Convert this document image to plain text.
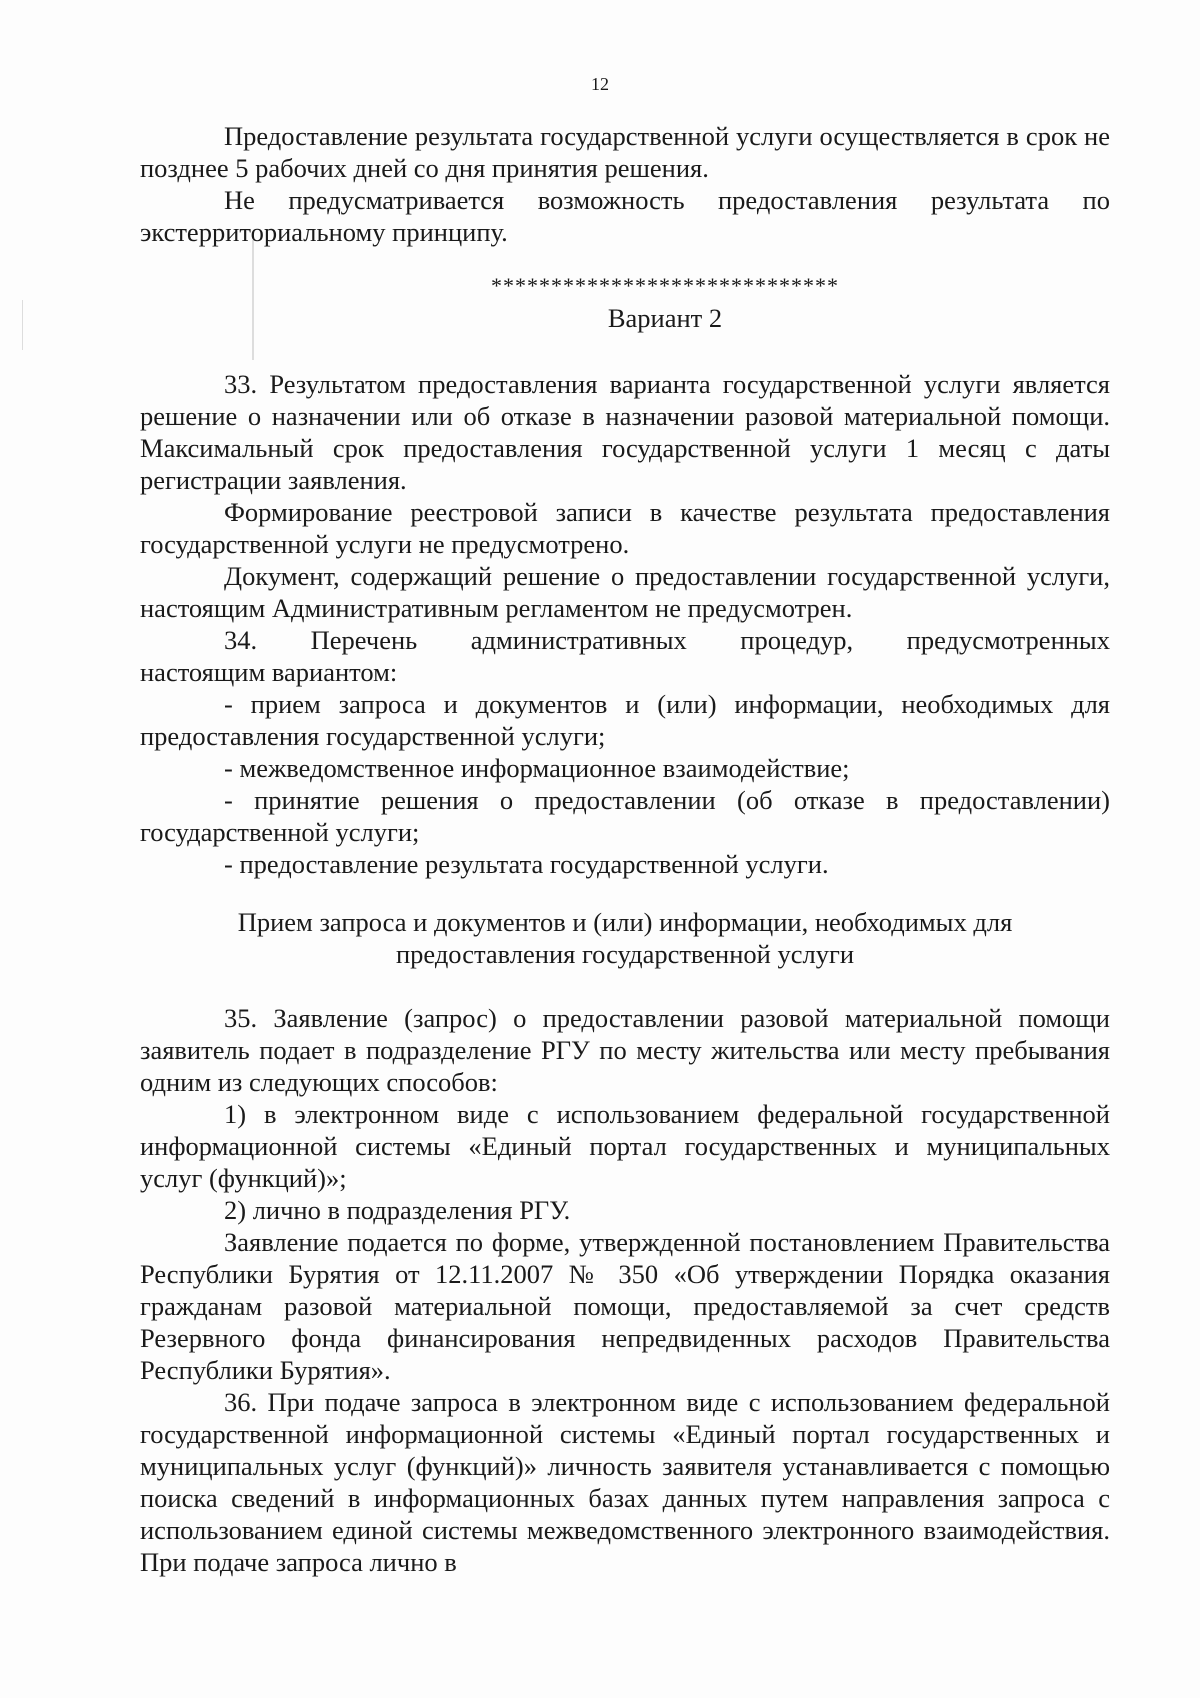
12

Предоставление результата государственной услуги осуществляется в срок не позднее 5 рабочих дней со дня принятия решения.

Не предусматривается возможность предоставления результата по экстерриториальному принципу.

*****************************
Вариант 2

33. Результатом предоставления варианта государственной услуги является решение о назначении или об отказе в назначении разовой материальной помощи. Максимальный срок предоставления государственной услуги 1 месяц с даты регистрации заявления.

Формирование реестровой записи в качестве результата предоставления государственной услуги не предусмотрено.

Документ, содержащий решение о предоставлении государственной услуги, настоящим Административным регламентом не предусмотрен.

34. Перечень административных процедур, предусмотренных

настоящим вариантом:

- прием запроса и документов и (или) информации, необходимых для предоставления государственной услуги;

- межведомственное информационное взаимодействие;

- принятие решения о предоставлении (об отказе в предоставлении) государственной услуги;

- предоставление результата государственной услуги.

Прием запроса и документов и (или) информации, необходимых для предоставления государственной услуги

35. Заявление (запрос) о предоставлении разовой материальной помощи заявитель подает в подразделение РГУ по месту жительства или месту пребывания одним из следующих способов:

1) в электронном виде с использованием федеральной государственной информационной системы «Единый портал государственных и муниципальных услуг (функций)»;

2) лично в подразделения РГУ.

Заявление подается по форме, утвержденной постановлением Правительства Республики Бурятия от 12.11.2007 № 350 «Об утверждении Порядка оказания гражданам разовой материальной помощи, предоставляемой за счет средств Резервного фонда финансирования непредвиденных расходов Правительства Республики Бурятия».

36. При подаче запроса в электронном виде с использованием федеральной государственной информационной системы «Единый портал государственных и муниципальных услуг (функций)» личность заявителя устанавливается с помощью поиска сведений в информационных базах данных путем направления запроса с использованием единой системы межведомственного электронного взаимодействия. При подаче запроса лично в
